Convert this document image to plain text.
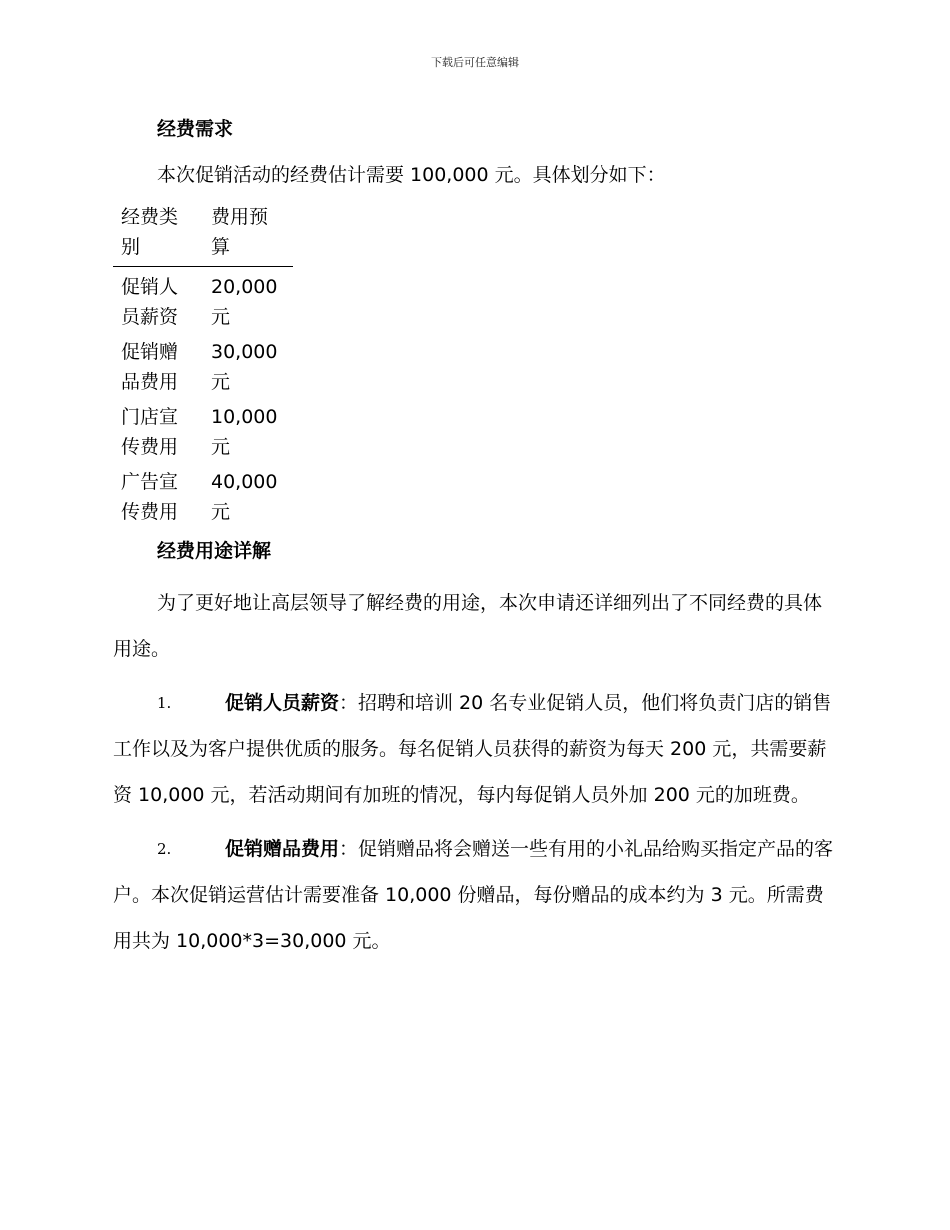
下载后可任意编辑
经费需求
本次促销活动的经费估计需要 100,000 元。具体划分如下：
经费类别	费用预算
促销人员薪资	20,000 元
促销赠品费用	30,000 元
门店宣传费用	10,000 元
广告宣传费用	40,000 元
经费用途详解
为了更好地让高层领导了解经费的用途，本次申请还详细列出了不同经费的具体用途。
1.	促销人员薪资：招聘和培训 20 名专业促销人员，他们将负责门店的销售工作以及为客户提供优质的服务。每名促销人员获得的薪资为每天 200 元，共需要薪资 10,000 元，若活动期间有加班的情况，每内每促销人员外加 200 元的加班费。
2.	促销赠品费用：促销赠品将会赠送一些有用的小礼品给购买指定产品的客户。本次促销运营估计需要准备 10,000 份赠品，每份赠品的成本约为 3 元。所需费用共为 10,000*3=30,000 元。
